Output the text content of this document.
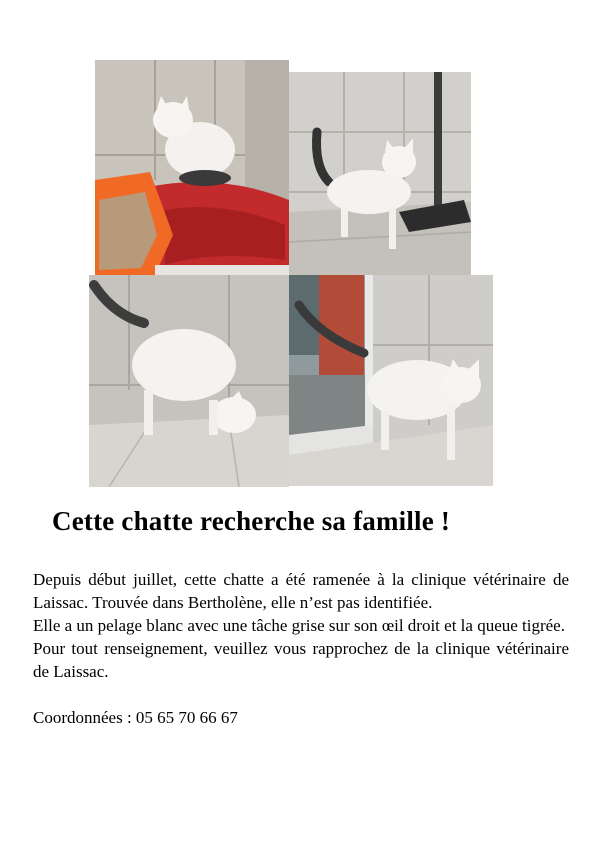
Cette chatte recherche sa famille !

Depuis début juillet, cette chatte a été ramenée à la clinique vétérinaire de Laissac. Trouvée dans Bertholène, elle n’est pas identifiée.

Elle a un pelage blanc avec une tâche grise sur son œil droit et la queue tigrée.

Pour tout renseignement, veuillez vous rapprochez de la clinique vétérinaire de Laissac.

Coordonnées : 05 65 70 66 67
